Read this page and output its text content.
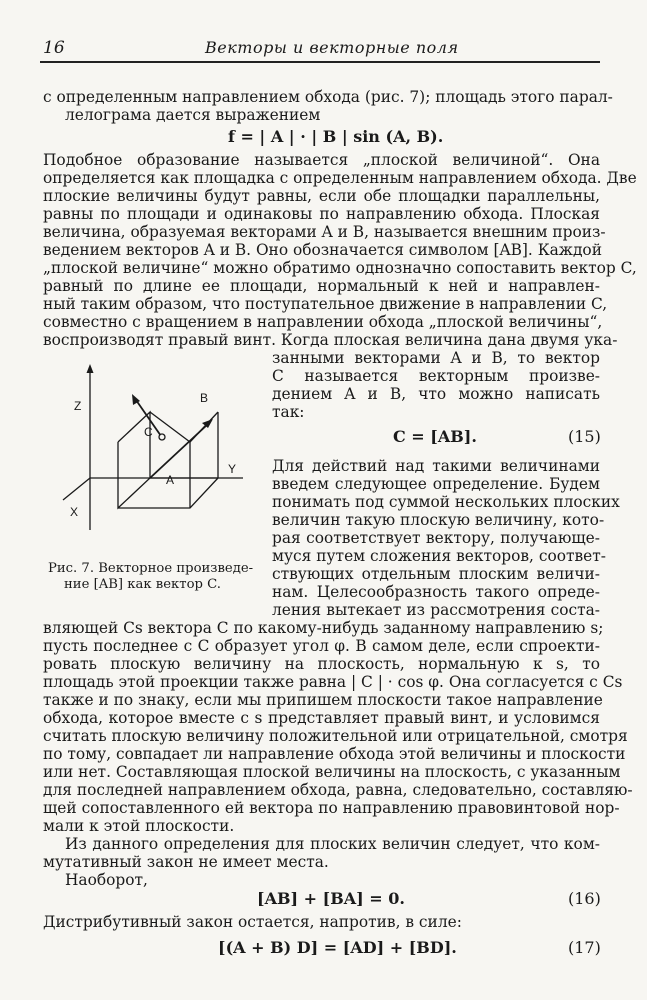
16	Векторы и векторные поля
с определенным направлением обхода (рис. 7); площадь этого парал-
лелограма дается выражением
f = | A | · | B | sin (A, B).
Подобное образование называется „плоской величиной“. Она
определяется как площадка с определенным направлением обхода. Две
плоские величины будут равны, если обе площадки параллельны,
равны по площади и одинаковы по направлению обхода. Плоская
величина, образуемая векторами A и B, называется внешним произ-
ведением векторов A и B. Оно обозначается символом [AB]. Каждой
„плоской величине“ можно обратимо однозначно сопоставить вектор C,
равный по длине ее площади, нормальный к ней и направлен-
ный таким образом, что поступательное движение в направлении C,
совместно с вращением в направлении обхода „плоской величины“,
воспроизводят правый винт. Когда плоская величина дана двумя ука-
занными векторами A и B, то вектор
C называется векторным произве-
дением A и B, что можно написать
так:
C = [AB].	(15)
Для действий над такими величинами
введем следующее определение. Будем
понимать под суммой нескольких плоских
величин такую плоскую величину, кото-
рая соответствует вектору, получающе-
муся путем сложения векторов, соответ-
ствующих отдельным плоским величи-
нам. Целесообразность такого опреде-
ления вытекает из рассмотрения соста-
Z
X
Y
A
B
C
Рис. 7. Векторное произведе-
ние [AB] как вектор C.
вляющей Cs вектора C по какому-нибудь заданному направлению s;
пусть последнее с C образует угол φ. В самом деле, если спроекти-
ровать плоскую величину на плоскость, нормальную к s, то
площадь этой проекции также равна | C | · cos φ. Она согласуется с Cs
также и по знаку, если мы припишем плоскости такое направление
обхода, которое вместе с s представляет правый винт, и условимся
считать плоскую величину положительной или отрицательной, смотря
по тому, совпадает ли направление обхода этой величины и плоскости
или нет. Составляющая плоской величины на плоскость, с указанным
для последней направлением обхода, равна, следовательно, составляю-
щей сопоставленного ей вектора по направлению правовинтовой нор-
мали к этой плоскости.
Из данного определения для плоских величин следует, что ком-
мутативный закон не имеет места.
Наоборот,
[AB] + [BA] = 0.	(16)
Дистрибутивный закон остается, напротив, в силе:
[(A + B) D] = [AD] + [BD].	(17)
